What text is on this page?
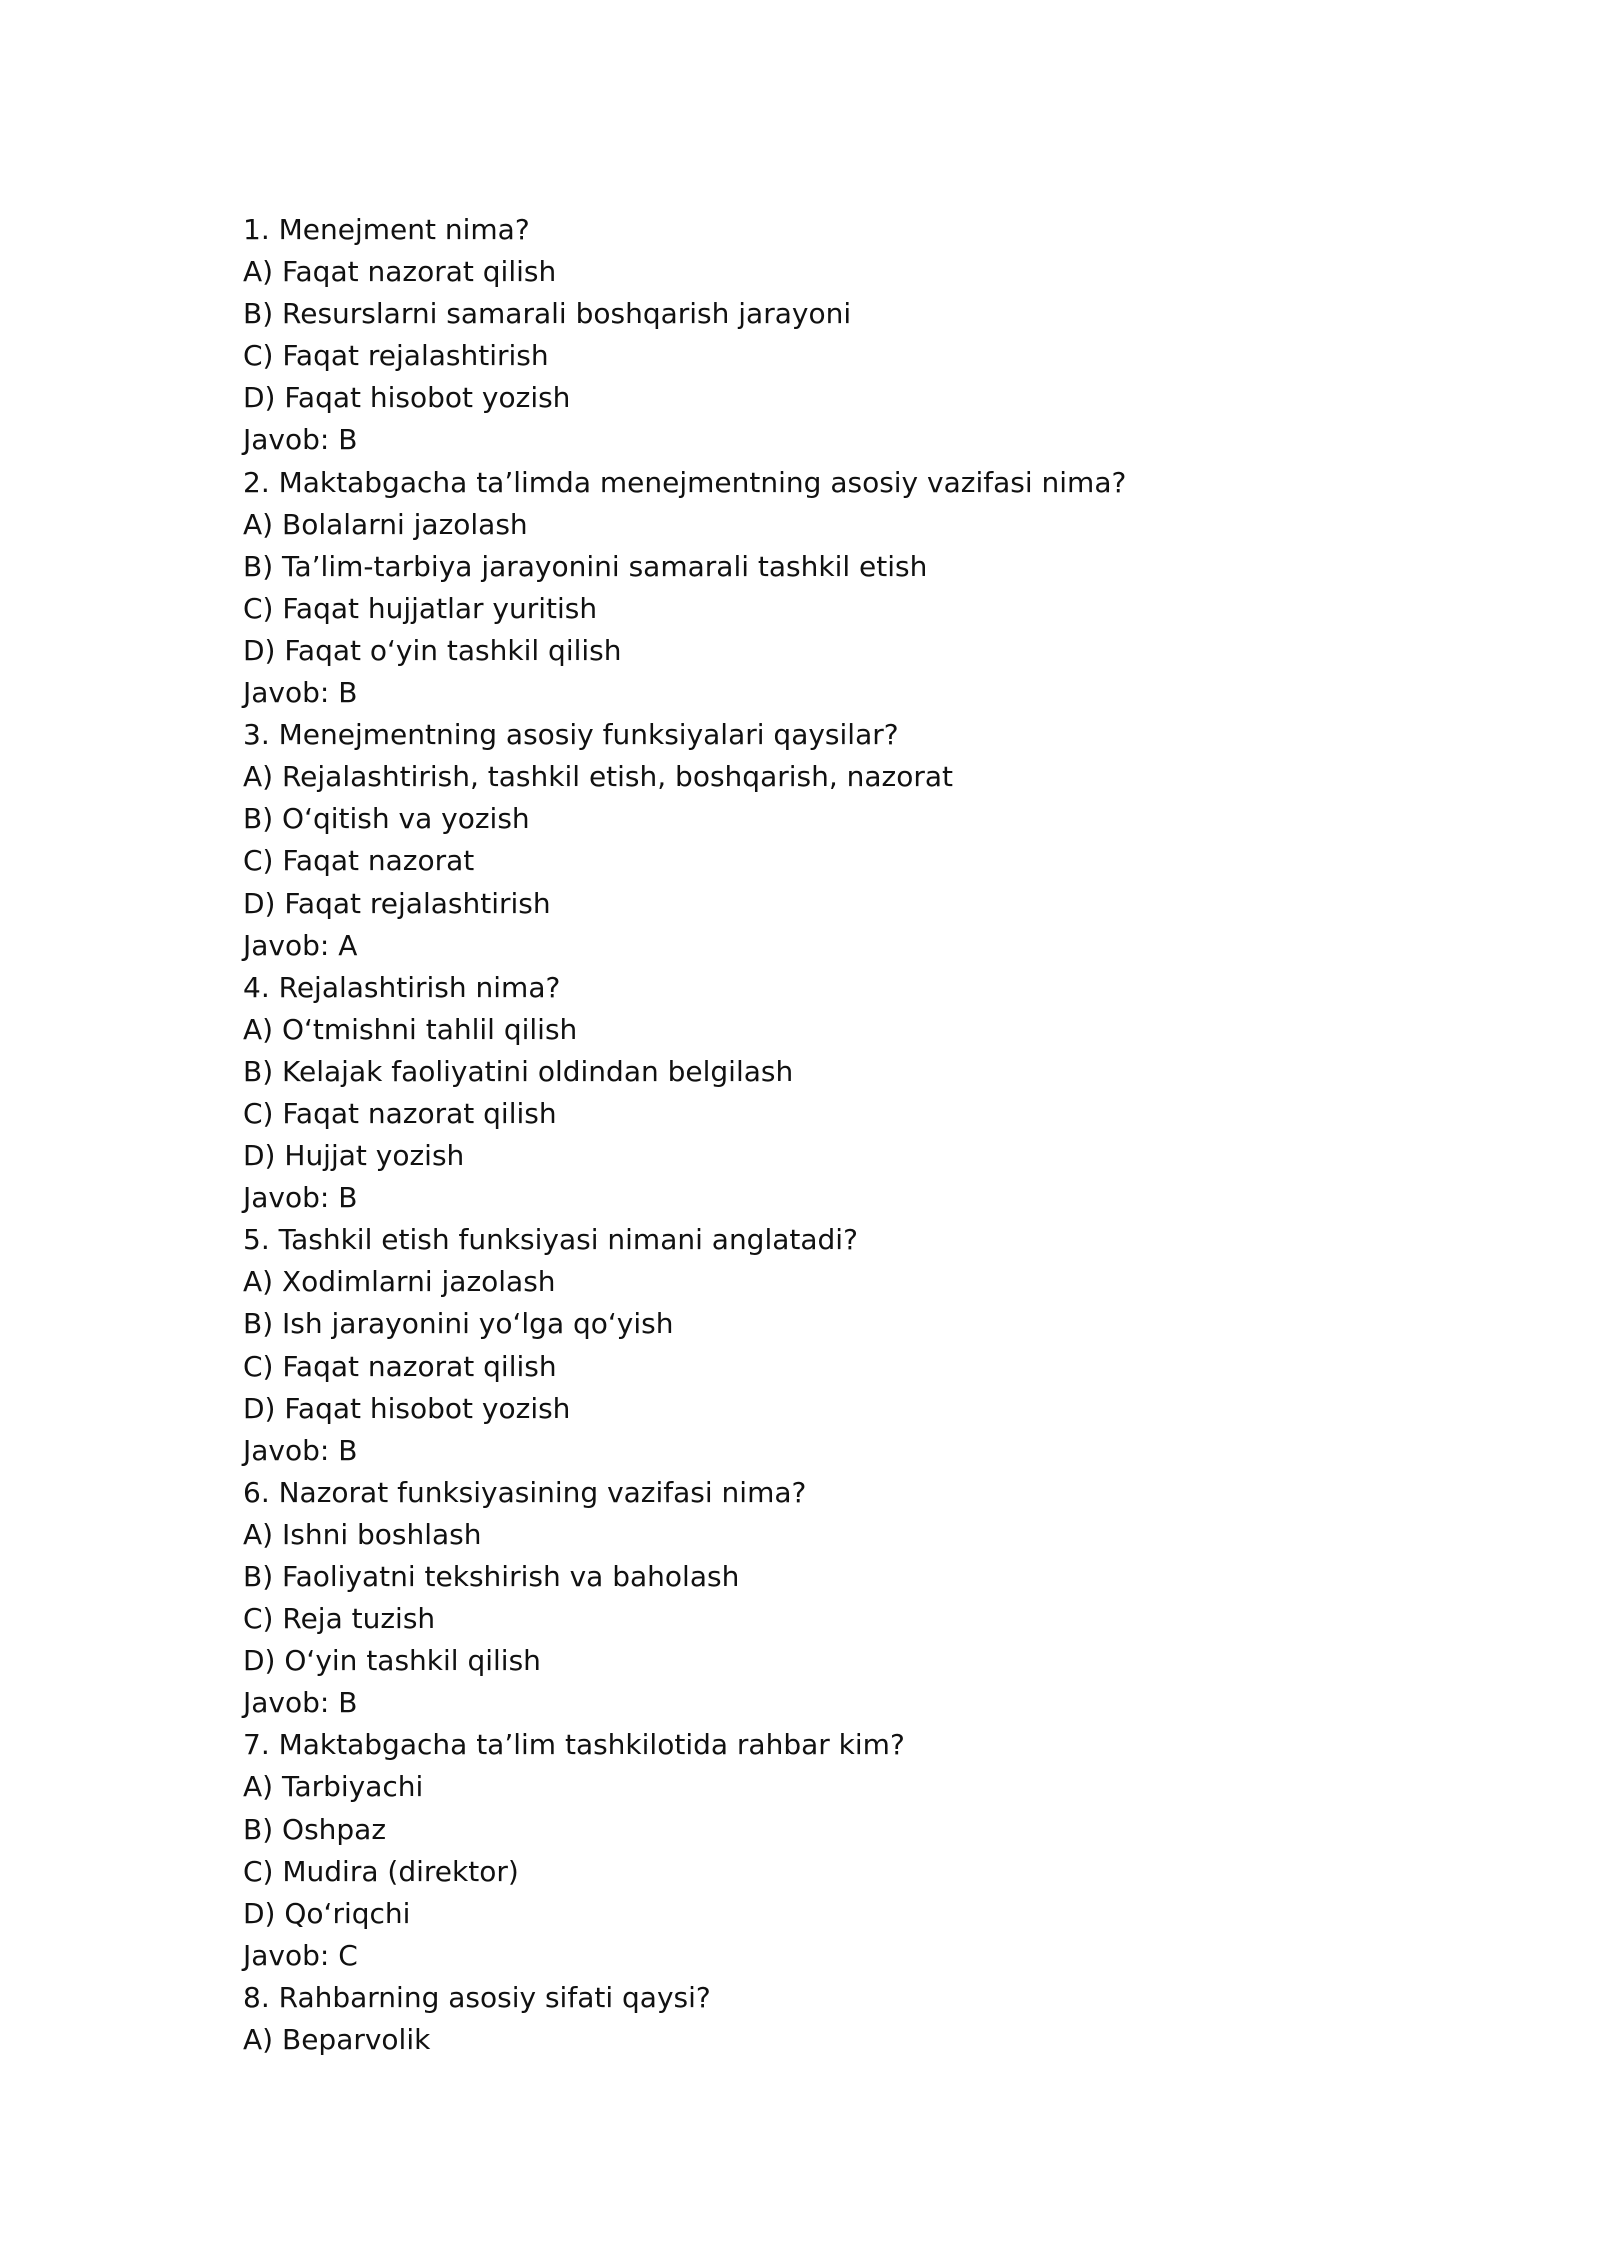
1. Menejment nima?
A) Faqat nazorat qilish
B) Resurslarni samarali boshqarish jarayoni
C) Faqat rejalashtirish
D) Faqat hisobot yozish
Javob: B
2. Maktabgacha ta’limda menejmentning asosiy vazifasi nima?
A) Bolalarni jazolash
B) Ta’lim-tarbiya jarayonini samarali tashkil etish
C) Faqat hujjatlar yuritish
D) Faqat o‘yin tashkil qilish
Javob: B
3. Menejmentning asosiy funksiyalari qaysilar?
A) Rejalashtirish, tashkil etish, boshqarish, nazorat
B) O‘qitish va yozish
C) Faqat nazorat
D) Faqat rejalashtirish
Javob: A
4. Rejalashtirish nima?
A) O‘tmishni tahlil qilish
B) Kelajak faoliyatini oldindan belgilash
C) Faqat nazorat qilish
D) Hujjat yozish
Javob: B
5. Tashkil etish funksiyasi nimani anglatadi?
A) Xodimlarni jazolash
B) Ish jarayonini yo‘lga qo‘yish
C) Faqat nazorat qilish
D) Faqat hisobot yozish
Javob: B
6. Nazorat funksiyasining vazifasi nima?
A) Ishni boshlash
B) Faoliyatni tekshirish va baholash
C) Reja tuzish
D) O‘yin tashkil qilish
Javob: B
7. Maktabgacha ta’lim tashkilotida rahbar kim?
A) Tarbiyachi
B) Oshpaz
C) Mudira (direktor)
D) Qo‘riqchi
Javob: C
8. Rahbarning asosiy sifati qaysi?
A) Beparvolik
